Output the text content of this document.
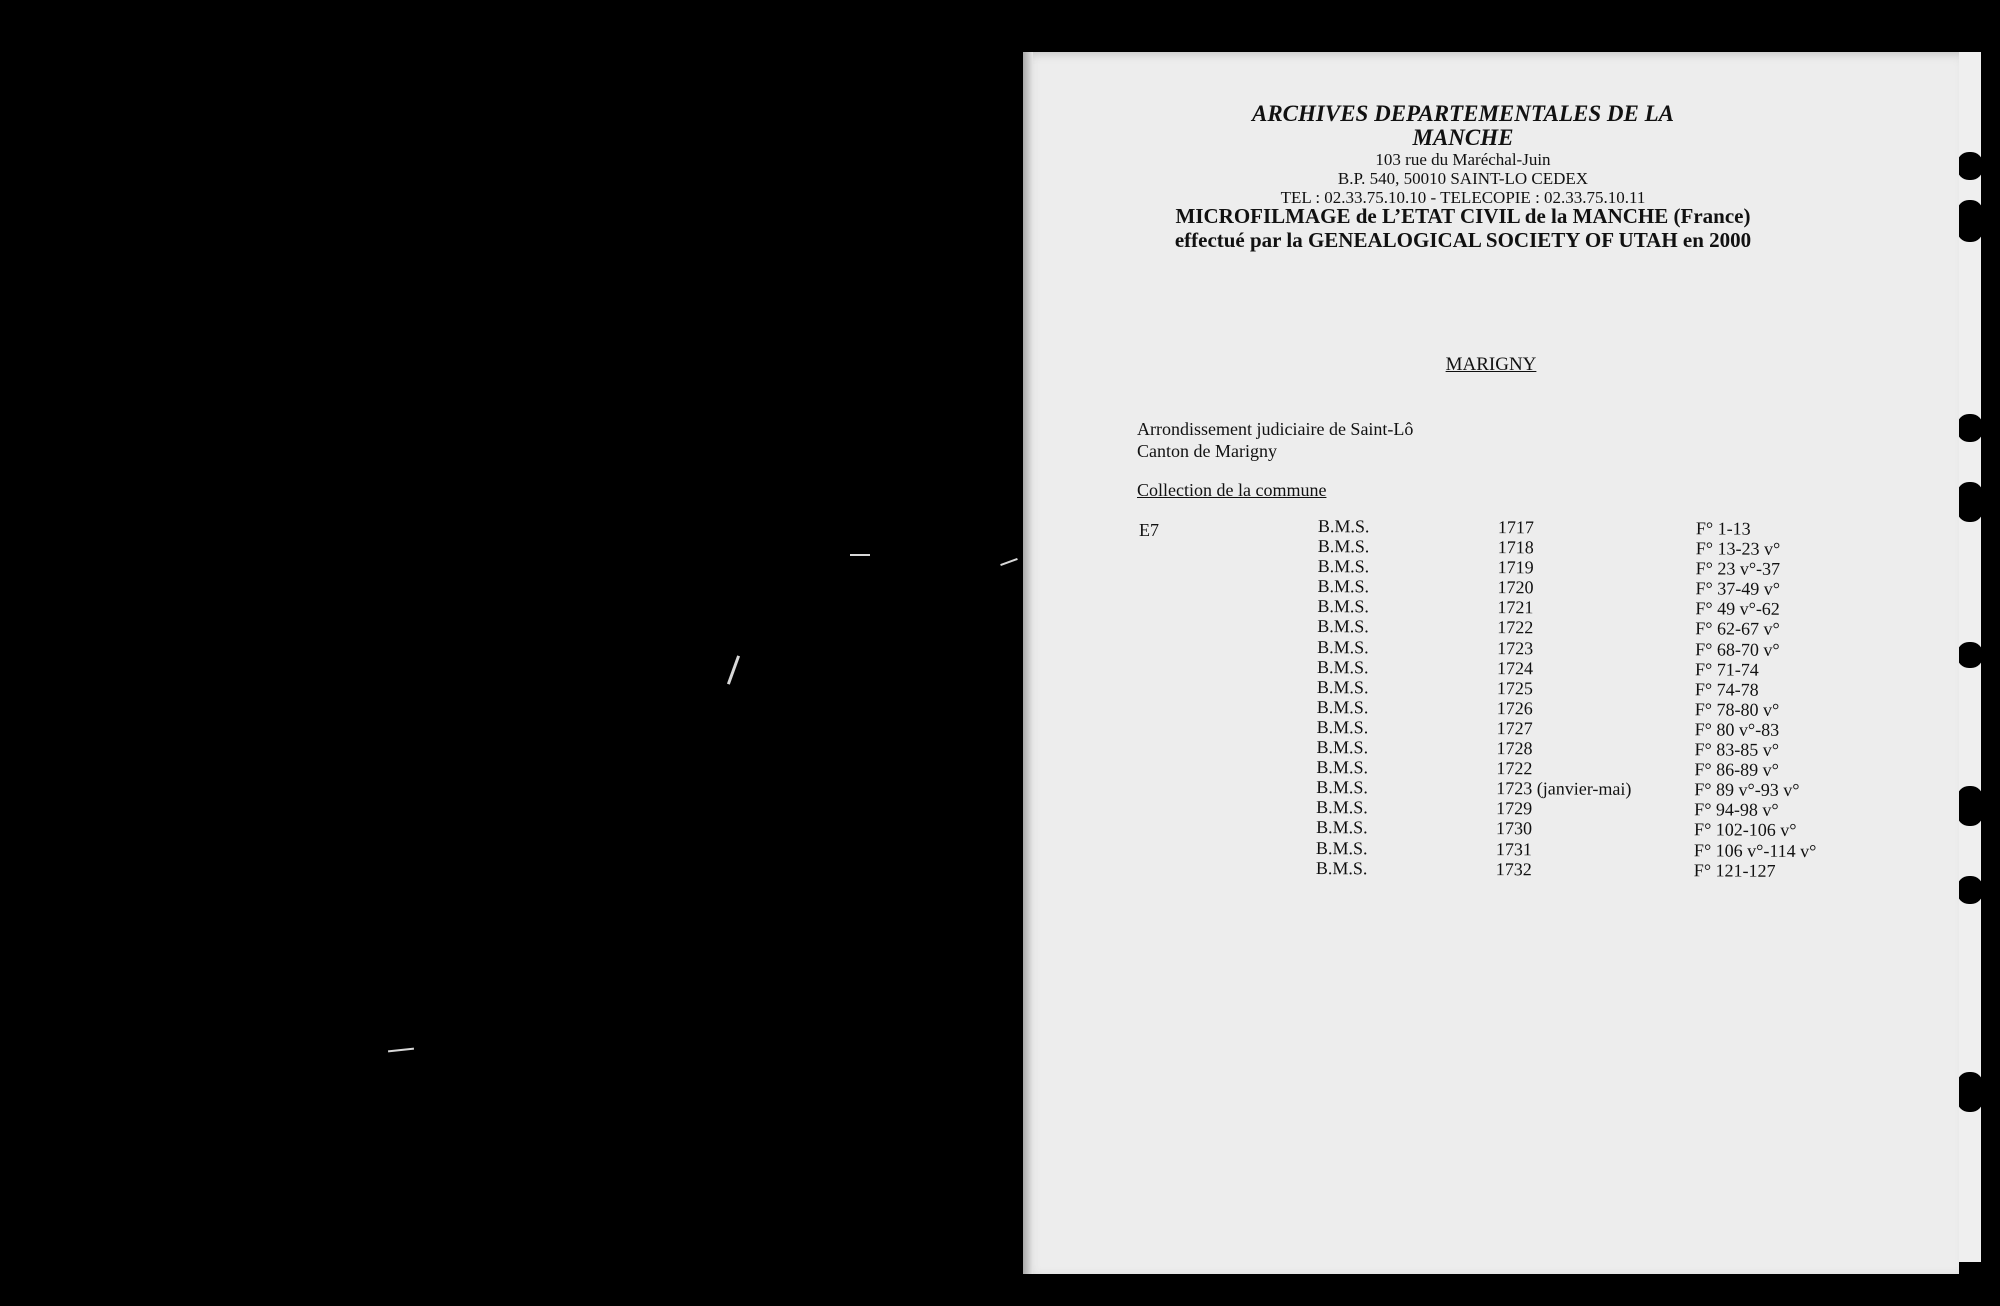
ARCHIVES DEPARTEMENTALES DE LA MANCHE
103 rue du Maréchal-Juin
B.P. 540, 50010 SAINT-LO CEDEX
TEL : 02.33.75.10.10 - TELECOPIE : 02.33.75.10.11
MICROFILMAGE de L’ETAT CIVIL de la MANCHE (France)
effectué par la GENEALOGICAL SOCIETY OF UTAH en 2000
MARIGNY
Arrondissement judiciaire de Saint-Lô
Canton de Marigny
Collection de la commune
E7	B.M.S.	1717	F° 1-13
B.M.S.	1718	F° 13-23 v°
B.M.S.	1719	F° 23 v°-37
B.M.S.	1720	F° 37-49 v°
B.M.S.	1721	F° 49 v°-62
B.M.S.	1722	F° 62-67 v°
B.M.S.	1723	F° 68-70 v°
B.M.S.	1724	F° 71-74
B.M.S.	1725	F° 74-78
B.M.S.	1726	F° 78-80 v°
B.M.S.	1727	F° 80 v°-83
B.M.S.	1728	F° 83-85 v°
B.M.S.	1722	F° 86-89 v°
B.M.S.	1723 (janvier-mai)	F° 89 v°-93 v°
B.M.S.	1729	F° 94-98 v°
B.M.S.	1730	F° 102-106 v°
B.M.S.	1731	F° 106 v°-114 v°
B.M.S.	1732	F° 121-127
